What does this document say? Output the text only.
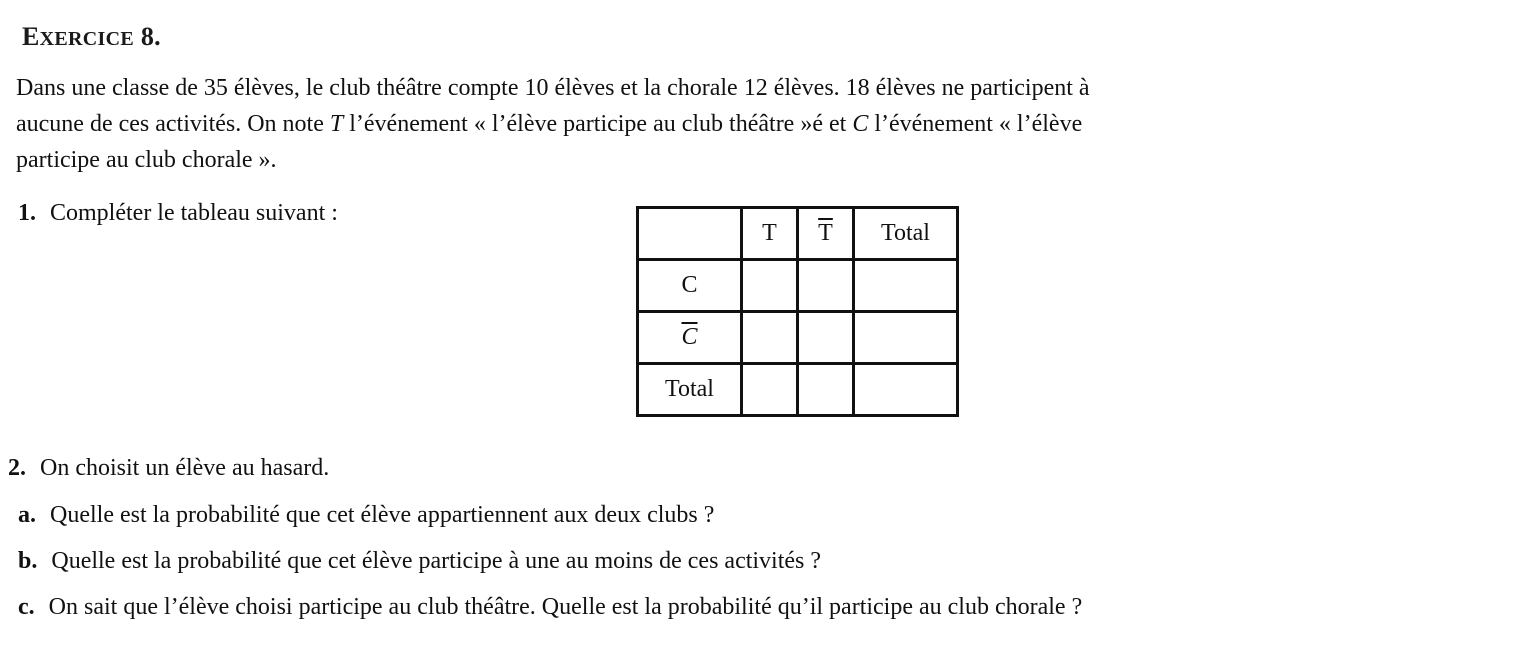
EXERCICE 8.
Dans une classe de 35 élèves, le club théâtre compte 10 élèves et la chorale 12 élèves. 18 élèves ne participent à
aucune de ces activités. On note T l’événement « l’élève participe au club théâtre »é et C l’événement « l’élève
participe au club chorale ».
1. Compléter le tableau suivant :
	T	$\overline{T}$	Total
C			
$\overline{C}$			
Total			
2. On choisit un élève au hasard.
a. Quelle est la probabilité que cet élève appartiennent aux deux clubs ?
b. Quelle est la probabilité que cet élève participe à une au moins de ces activités ?
c. On sait que l’élève choisi participe au club théâtre. Quelle est la probabilité qu’il participe au club chorale ?
